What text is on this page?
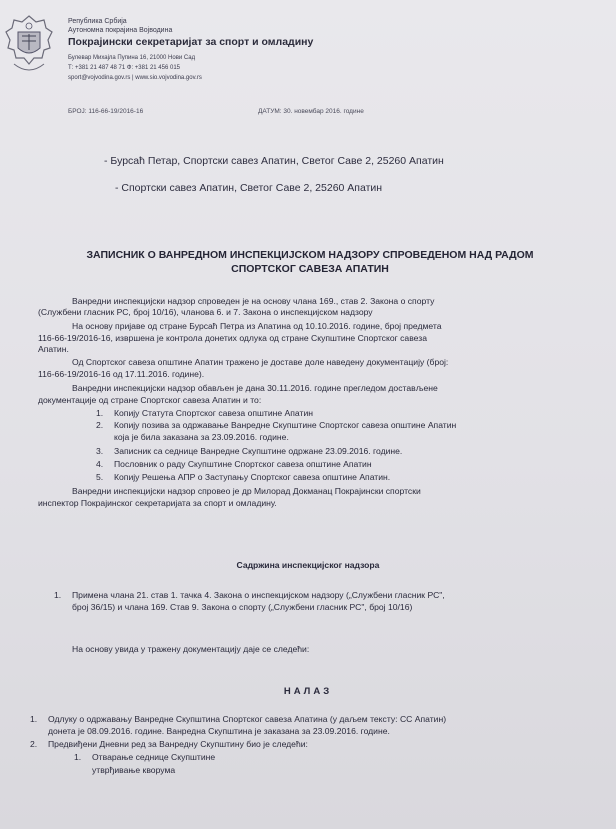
Република Србија
Аутономна покрајина Војводина
Покрајински секретаријат за спорт и омладину
Булевар Михајла Пупина 16, 21000 Нови Сад
Т: +381 21 487 48 71 Ф: +381 21 456 015
sport@vojvodina.gov.rs | www.sio.vojvodina.gov.rs
БРОЈ: 116-66-19/2016-16	ДАТУМ: 30. новембар 2016. године
- Бурсаћ Петар, Спортски савез Апатин, Светог Саве 2, 25260 Апатин
- Спортски савез Апатин, Светог Саве 2, 25260 Апатин
ЗАПИСНИК О ВАНРЕДНОМ ИНСПЕКЦИЈСКОМ НАДЗОРУ СПРОВЕДЕНОМ НАД РАДОМ
СПОРТСКОГ САВЕЗА АПАТИН
Ванредни инспекцијски надзор спроведен је на основу члана 169., став 2. Закона о спорту
(Службени гласник РС, број 10/16), чланова 6. и 7. Закона о инспекцијском надзору
На основу пријаве од стране Бурсаћ Петра из Апатина од 10.10.2016. године, број предмета
116-66-19/2016-16, извршена је контрола донетих одлука од стране Скупштине Спортског савеза
Апатин.
Од Спортског савеза општине Апатин тражено је доставе доле наведену документацију (број:
116-66-19/2016-16 од 17.11.2016. године).
Ванредни инспекцијски надзор обављен је дана 30.11.2016. године прегледом достављене
документације од стране Спортског савеза Апатин и то:
1. Копију Статута Спортског савеза општине Апатин
2. Копију позива за одржавање Ванредне Скупштине Спортског савеза општине Апатин
која је била заказана за 23.09.2016. године.
3. Записник са седнице Ванредне Скупштине одржане 23.09.2016. године.
4. Пословник о раду Скупштине Спортског савеза општине Апатин
5. Копију Решења АПР о Заступању Спортског савеза општине Апатин.
Ванредни инспекцијски надзор спровео је др Милорад Докманац Покрајински спортски
инспектор Покрајинског секретаријата за спорт и омладину.
Садржина инспекцијског надзора
1. Примена члана 21. став 1. тачка 4. Закона о инспекцијском надзору („Службени гласник РС",
број 36/15) и члана 169. Став 9. Закона о спорту („Службени гласник РС", број 10/16)
На основу увида у тражену документацију даје се следећи:
НАЛАЗ
1. Одлуку о одржавању Ванредне Скупштина Спортског савеза Апатина (у даљем тексту: СС Апатин)
донета је 08.09.2016. године. Ванредна Скупштина је заказана за 23.09.2016. године.
2. Предвиђени Дневни ред за Ванредну Скупштину био је следећи:
1. Отварање седнице Скупштине
утврђивање кворума
